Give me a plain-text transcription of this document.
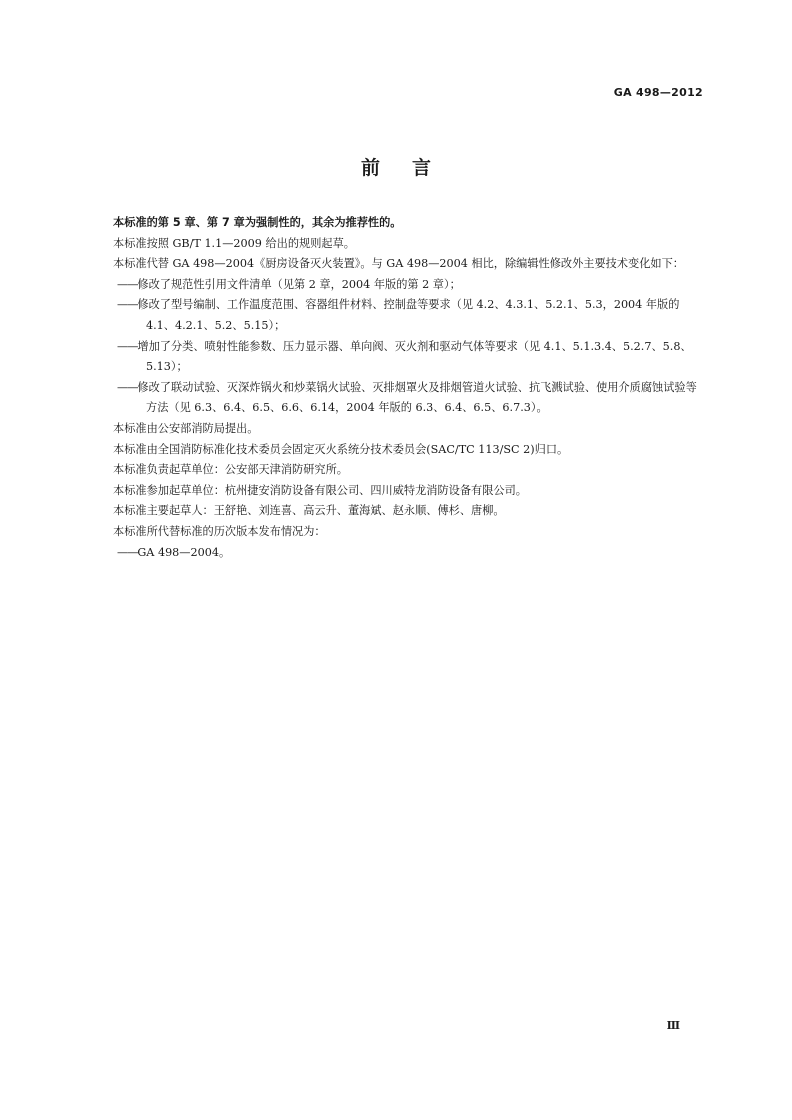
GA 498—2012
前言

本标准的第 5 章、第 7 章为强制性的，其余为推荐性的。

本标准按照 GB/T 1.1—2009 给出的规则起草。

本标准代替 GA 498—2004《厨房设备灭火装置》。与 GA 498—2004 相比，除编辑性修改外主要技术变化如下：

——修改了规范性引用文件清单（见第 2 章，2004 年版的第 2 章）；

——修改了型号编制、工作温度范围、容器组件材料、控制盘等要求（见 4.2、4.3.1、5.2.1、5.3，2004 年版的 4.1、4.2.1、5.2、5.15）；

——增加了分类、喷射性能参数、压力显示器、单向阀、灭火剂和驱动气体等要求（见 4.1、5.1.3.4、5.2.7、5.8、5.13）；

——修改了联动试验、灭深炸锅火和炒菜锅火试验、灭排烟罩火及排烟管道火试验、抗飞溅试验、使用介质腐蚀试验等方法（见 6.3、6.4、6.5、6.6、6.14，2004 年版的 6.3、6.4、6.5、6.7.3）。

本标准由公安部消防局提出。

本标准由全国消防标准化技术委员会固定灭火系统分技术委员会(SAC/TC 113/SC 2)归口。

本标准负责起草单位：公安部天津消防研究所。

本标准参加起草单位：杭州捷安消防设备有限公司、四川威特龙消防设备有限公司。

本标准主要起草人：王舒艳、刘连喜、高云升、董海斌、赵永顺、傅杉、唐柳。

本标准所代替标准的历次版本发布情况为：

——GA 498—2004。

Ⅲ
